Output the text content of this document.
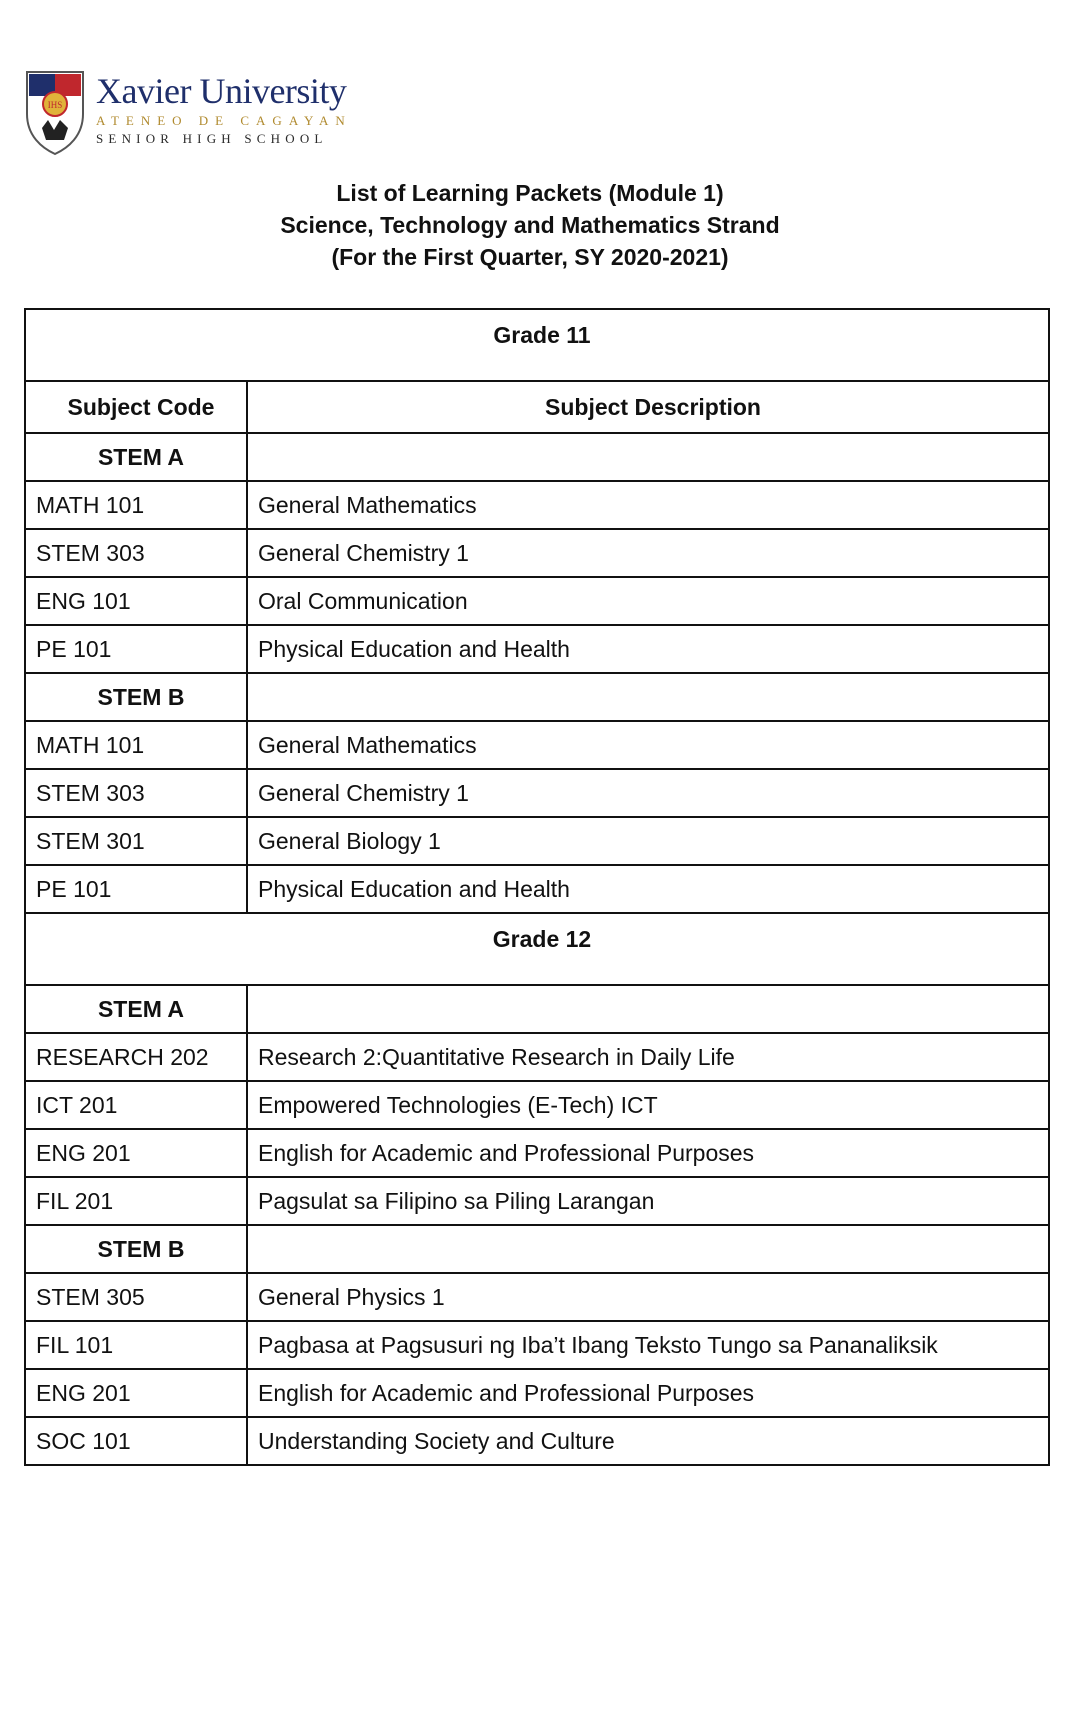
IHS Xavier University
ATENEO DE CAGAYAN
SENIOR HIGH SCHOOL
List of Learning Packets (Module 1)
Science, Technology and Mathematics Strand
(For the First Quarter, SY 2020-2021)
Grade 11	
Subject Code	Subject Description
STEM A	
MATH 101	General Mathematics
STEM 303	General Chemistry 1
ENG 101	Oral Communication
PE 101	Physical Education and Health
STEM B	
MATH 101	General Mathematics
STEM 303	General Chemistry 1
STEM 301	General Biology 1
PE 101	Physical Education and Health
Grade 12	
STEM A	
RESEARCH 202	Research 2:Quantitative Research in Daily Life
ICT 201	Empowered Technologies (E-Tech) ICT
ENG 201	English for Academic and Professional Purposes
FIL 201	Pagsulat sa Filipino sa Piling Larangan
STEM B	
STEM 305	General Physics 1
FIL 101	Pagbasa at Pagsusuri ng Iba’t Ibang Teksto Tungo sa Pananaliksik
ENG 201	English for Academic and Professional Purposes
SOC 101	Understanding Society and Culture
